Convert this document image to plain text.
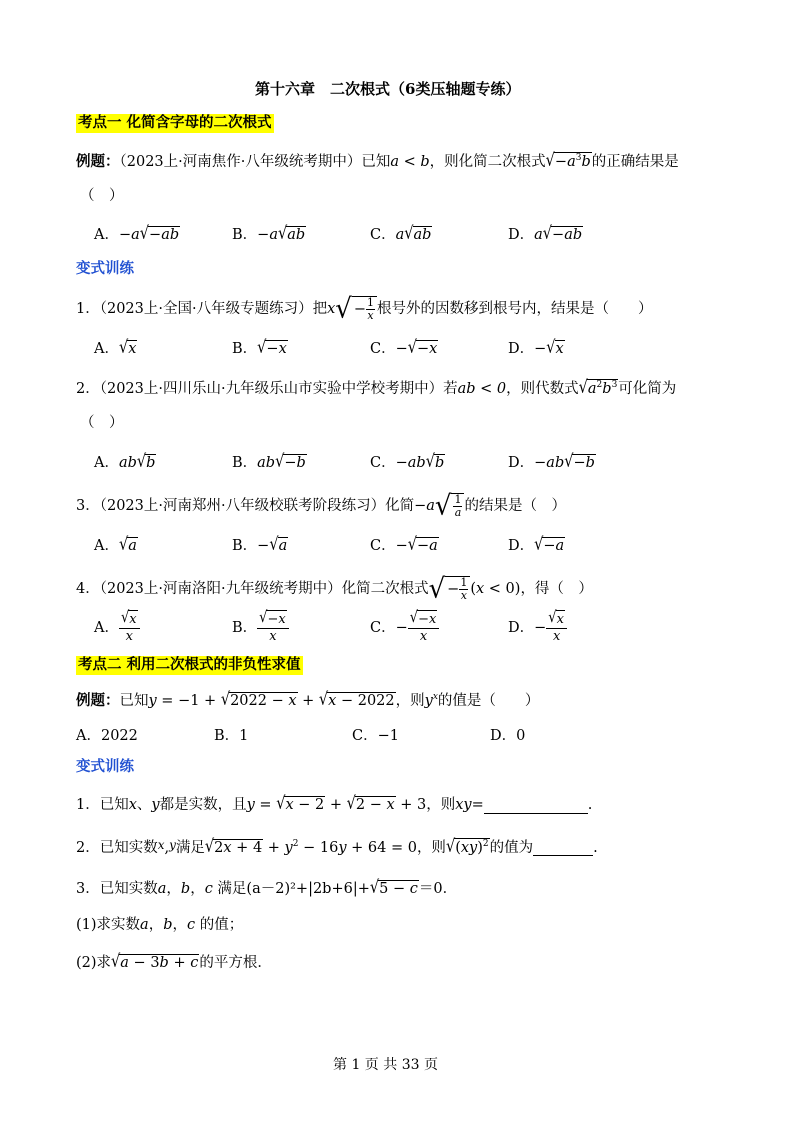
第十六章　二次根式（6类压轴题专练）
考点一 化简含字母的二次根式
例题：（2023上·河南焦作·八年级统考期中）已知a < b，则化简二次根式$√-a^3b$的正确结果是
（　）
A．−a√−ab	B．−a√ab	C．a√ab	D．a√−ab
变式训练
1．（2023上·全国·八年级专题练习）把$x√ - \frac{1}{x}$ 根号外的因数移到根号内，结果是（　　）
A．√x	B．√−x	C．−√−x	D．−√x
2．（2023上·四川乐山·九年级乐山市实验中学校考期中）若ab < 0，则代数式$√a^2b^3$可化简为
（　）
A．ab√b	B．ab√−b	C．−ab√b	D．−ab√−b
3．（2023上·河南郑州·八年级校联考阶段练习）化简$-a√ \frac{1}{a}$ 的结果是（　）
A．√a	B．−√a	C．−√−a	D．√−a
4．（2023上·河南洛阳·九年级统考期中）化简二次根式√ − $\frac{1}{x} (x < 0)$，得（　）
A． $\frac{√x}{x}$	B． $\frac{√-x}{x}$	C．− $\frac{√-x}{x}$	D．− $\frac{√x}{x}$
考点二 利用二次根式的非负性求值
例题：已知y = −1 + √2022 − x + √x − 2022，则$y^x$的值是（　　）
A．2022	B．1	C．−1	D．0
变式训练
1．已知x、y都是实数，且y = √x − 2 + √2 − x + 3，则xy=	.
2．已知实数$^x$,$^y$满足$√2x + 4 + y^2 - 16y + 64 = 0$，则√(xy)$^2$的值为	.
3．已知实数a，b，c 满足(a－2)²+|2b+6|+√5 − c＝0．
(1)求实数a，b，c 的值；
(2)求√a − 3b + c的平方根．
第 1 页 共 33 页
